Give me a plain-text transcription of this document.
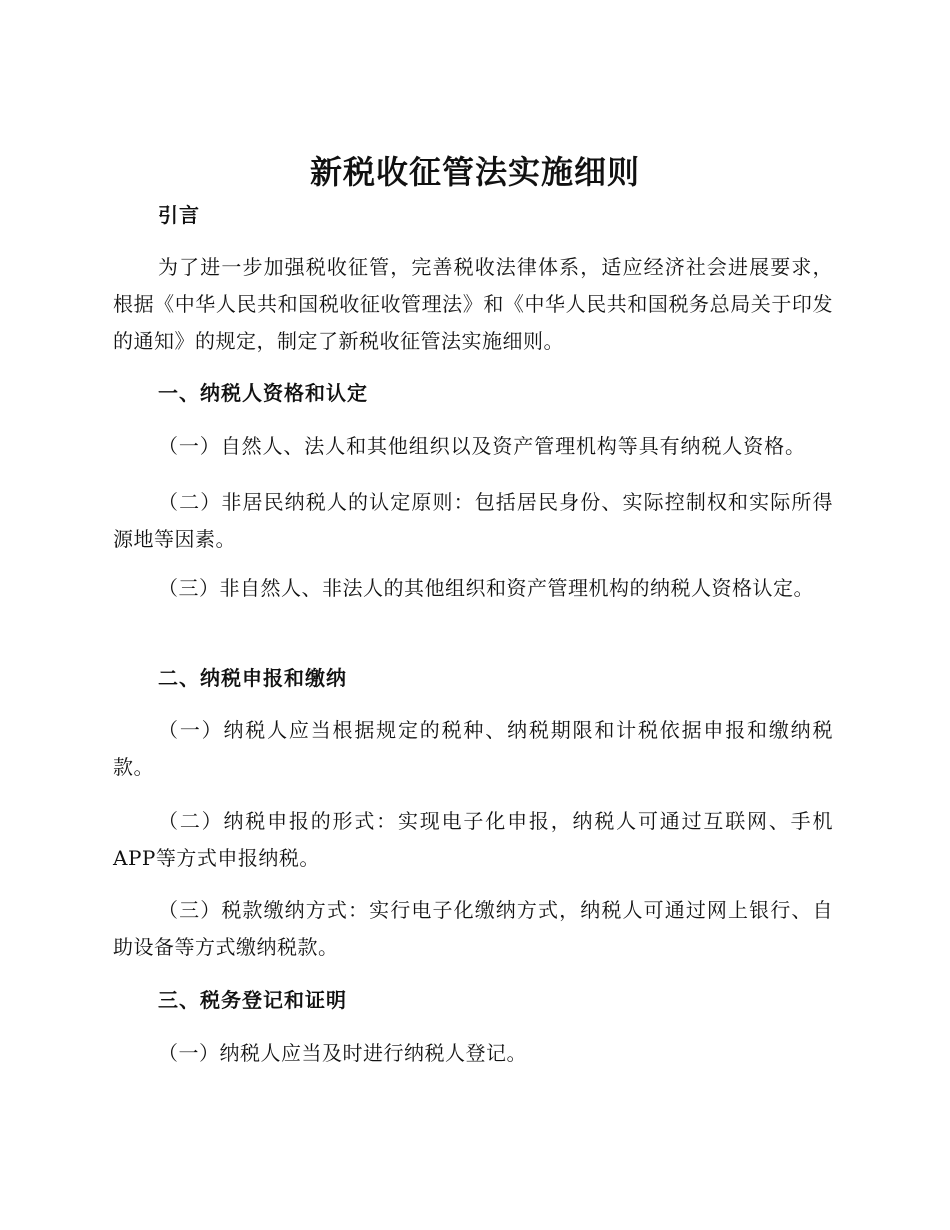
新税收征管法实施细则
引言

为了进一步加强税收征管，完善税收法律体系，适应经济社会进展要求，根据《中华人民共和国税收征收管理法》和《中华人民共和国税务总局关于印发的通知》的规定，制定了新税收征管法实施细则。

一、纳税人资格和认定

（一）自然人、法人和其他组织以及资产管理机构等具有纳税人资格。

（二）非居民纳税人的认定原则：包括居民身份、实际控制权和实际所得源地等因素。

（三）非自然人、非法人的其他组织和资产管理机构的纳税人资格认定。

二、纳税申报和缴纳

（一）纳税人应当根据规定的税种、纳税期限和计税依据申报和缴纳税款。

（二）纳税申报的形式：实现电子化申报，纳税人可通过互联网、手机APP等方式申报纳税。

（三）税款缴纳方式：实行电子化缴纳方式，纳税人可通过网上银行、自助设备等方式缴纳税款。

三、税务登记和证明

（一）纳税人应当及时进行纳税人登记。
